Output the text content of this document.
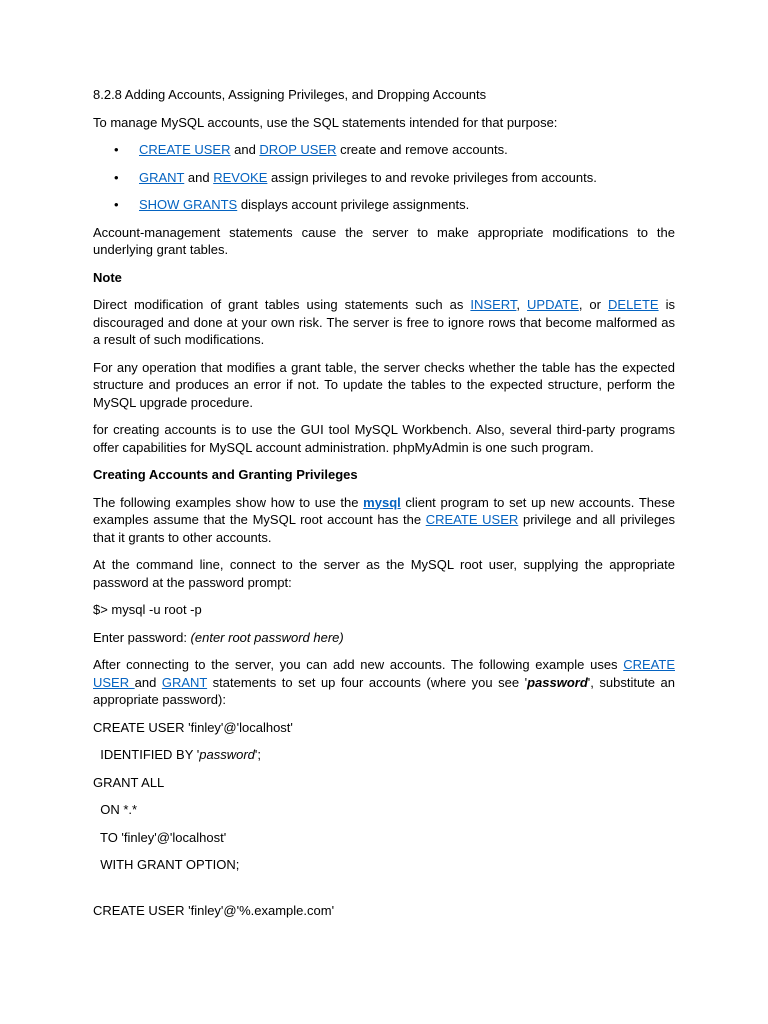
8.2.8 Adding Accounts, Assigning Privileges, and Dropping Accounts

To manage MySQL accounts, use the SQL statements intended for that purpose:

• CREATE USER and DROP USER create and remove accounts.
• GRANT and REVOKE assign privileges to and revoke privileges from accounts.
• SHOW GRANTS displays account privilege assignments.

Account-management statements cause the server to make appropriate modifications to the underlying grant tables.

Note

Direct modification of grant tables using statements such as INSERT, UPDATE, or DELETE is discouraged and done at your own risk. The server is free to ignore rows that become malformed as a result of such modifications.

For any operation that modifies a grant table, the server checks whether the table has the expected structure and produces an error if not. To update the tables to the expected structure, perform the MySQL upgrade procedure.

for creating accounts is to use the GUI tool MySQL Workbench. Also, several third-party programs offer capabilities for MySQL account administration. phpMyAdmin is one such program.

Creating Accounts and Granting Privileges

The following examples show how to use the mysql client program to set up new accounts. These examples assume that the MySQL root account has the CREATE USER privilege and all privileges that it grants to other accounts.

At the command line, connect to the server as the MySQL root user, supplying the appropriate password at the password prompt:

$> mysql -u root -p

Enter password: (enter root password here)

After connecting to the server, you can add new accounts. The following example uses CREATE USER and GRANT statements to set up four accounts (where you see 'password', substitute an appropriate password):

CREATE USER 'finley'@'localhost'

IDENTIFIED BY 'password';

GRANT ALL

ON *.*

TO 'finley'@'localhost'

WITH GRANT OPTION;

CREATE USER 'finley'@'%.example.com'
